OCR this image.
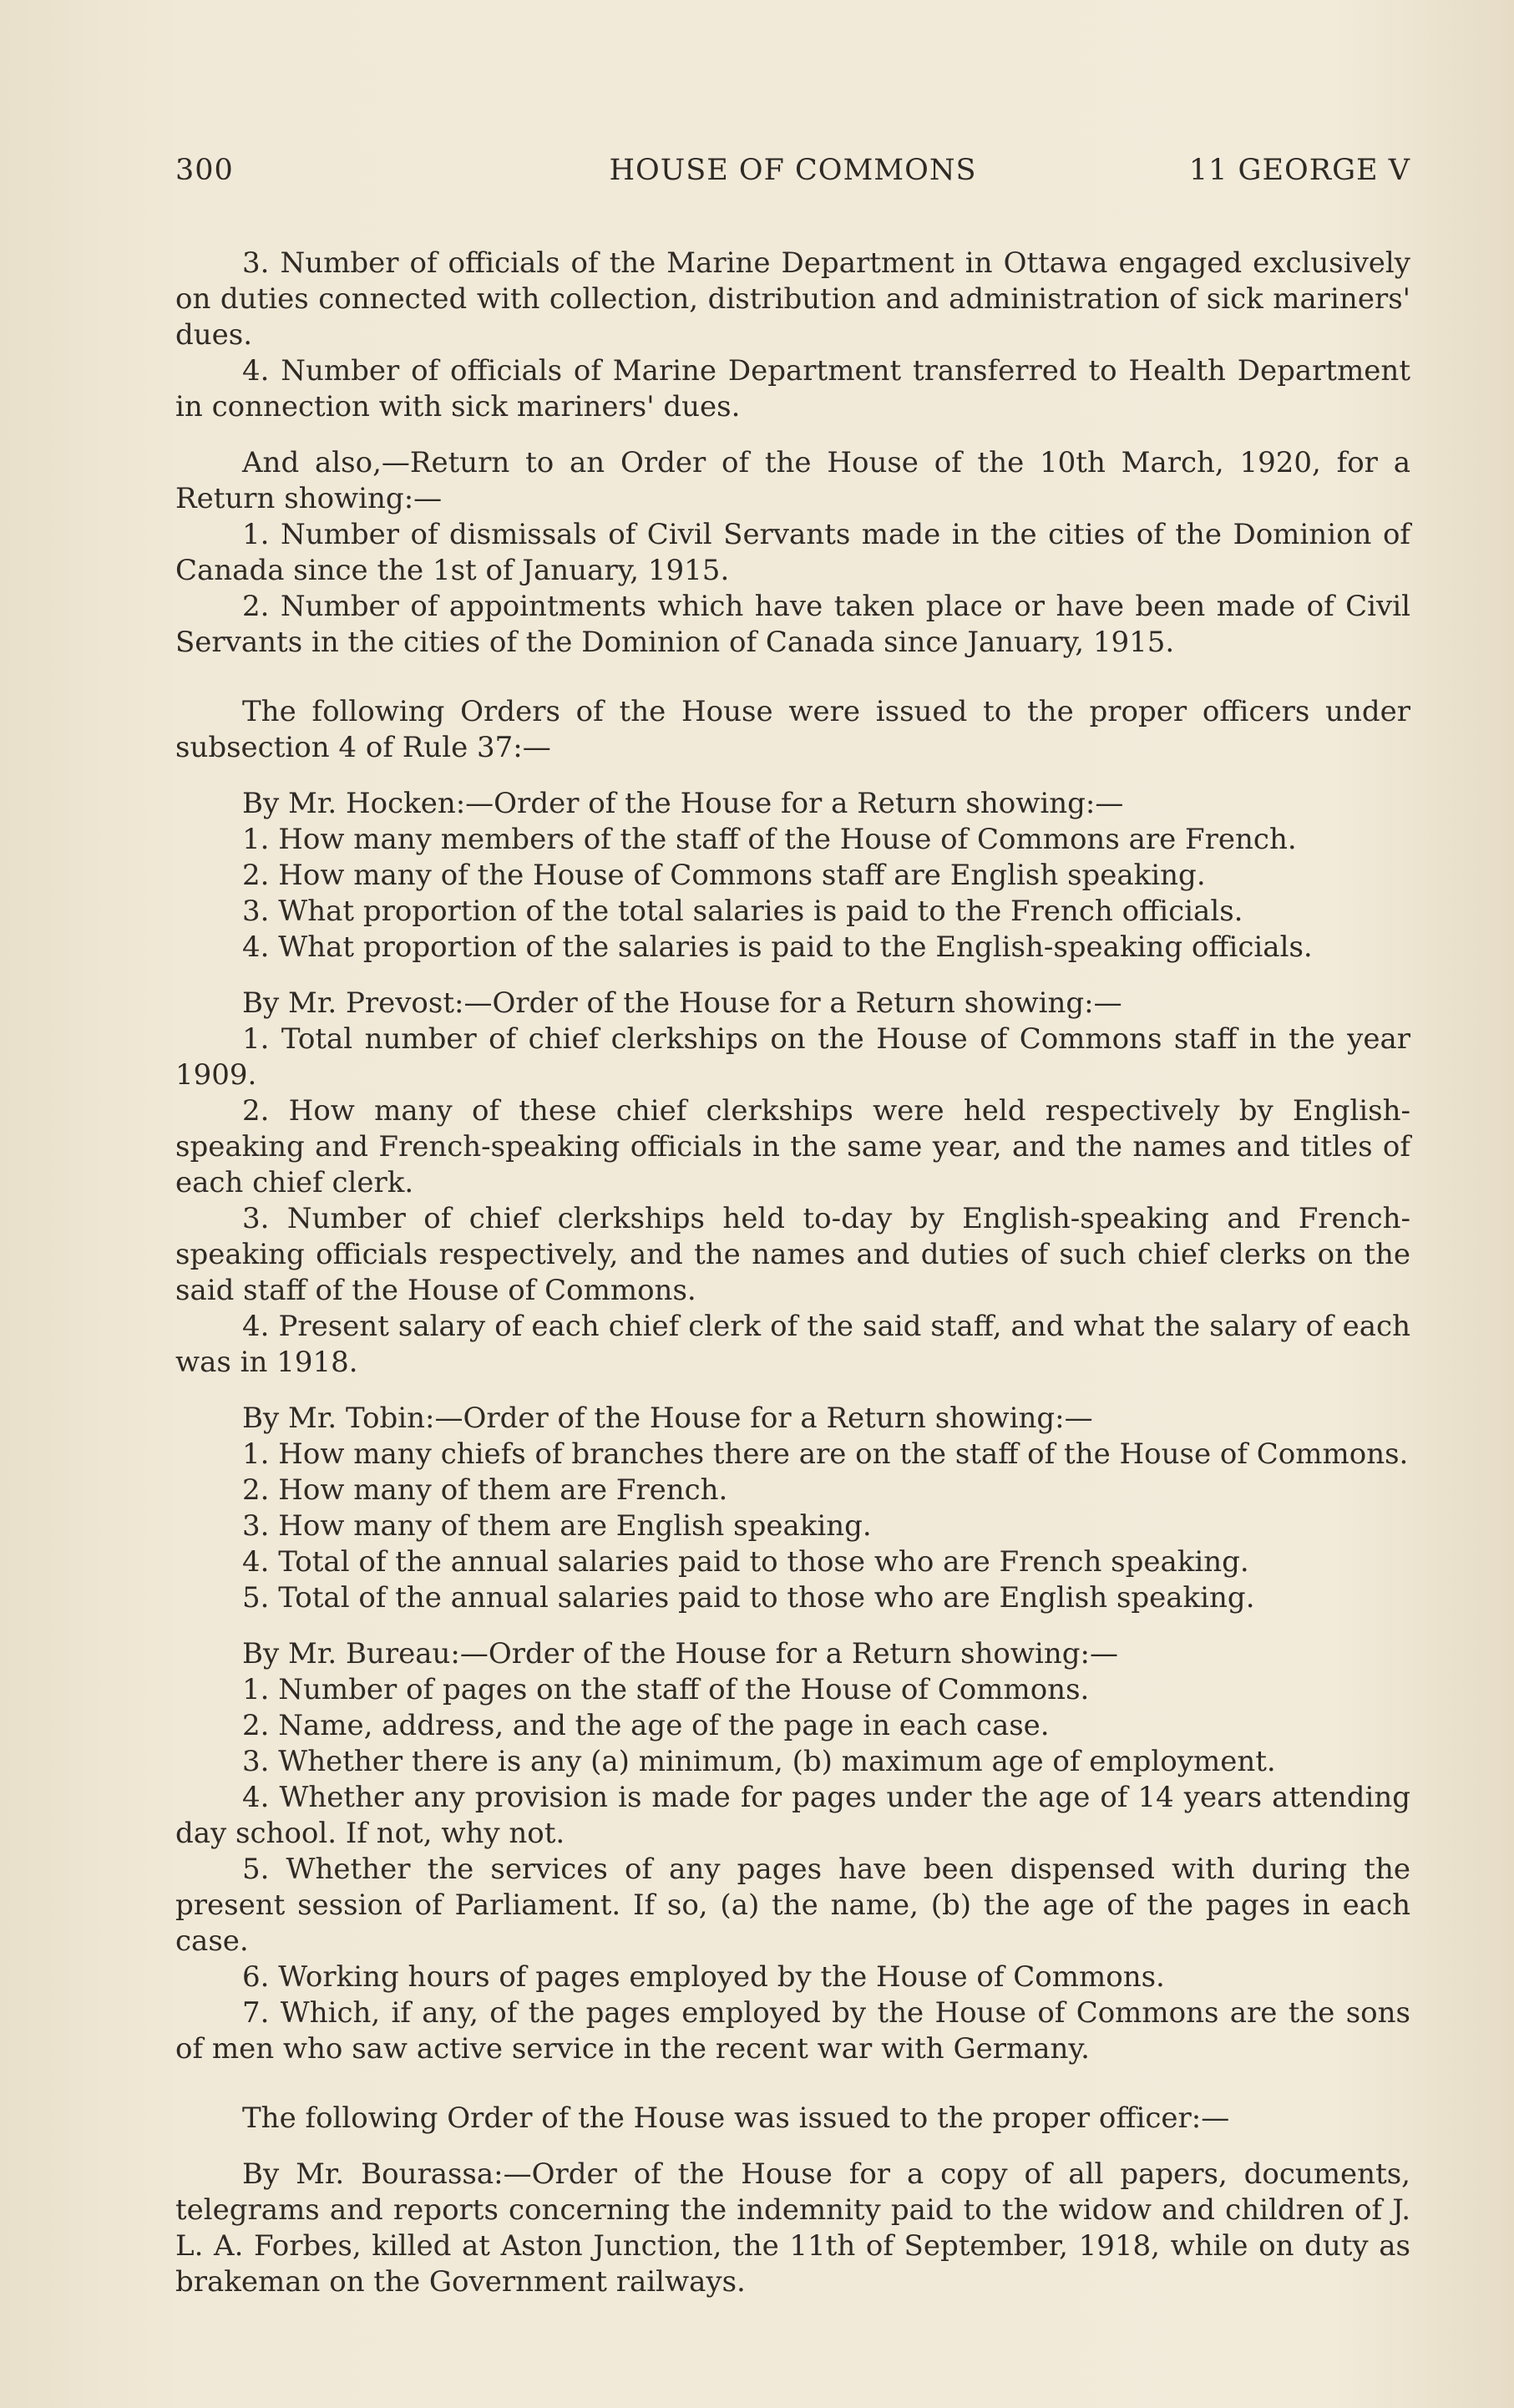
300	HOUSE OF COMMONS	11 GEORGE V

3. Number of officials of the Marine Department in Ottawa engaged exclusively on duties connected with collection, distribution and administration of sick mariners' dues.

4. Number of officials of Marine Department transferred to Health Department in connection with sick mariners' dues.

And also,—Return to an Order of the House of the 10th March, 1920, for a Return showing:—

1. Number of dismissals of Civil Servants made in the cities of the Dominion of Canada since the 1st of January, 1915.

2. Number of appointments which have taken place or have been made of Civil Servants in the cities of the Dominion of Canada since January, 1915.

The following Orders of the House were issued to the proper officers under subsection 4 of Rule 37:—

By Mr. Hocken:—Order of the House for a Return showing:—

1. How many members of the staff of the House of Commons are French.

2. How many of the House of Commons staff are English speaking.

3. What proportion of the total salaries is paid to the French officials.

4. What proportion of the salaries is paid to the English-speaking officials.

By Mr. Prevost:—Order of the House for a Return showing:—

1. Total number of chief clerkships on the House of Commons staff in the year 1909.

2. How many of these chief clerkships were held respectively by English-speaking and French-speaking officials in the same year, and the names and titles of each chief clerk.

3. Number of chief clerkships held to-day by English-speaking and French-speaking officials respectively, and the names and duties of such chief clerks on the said staff of the House of Commons.

4. Present salary of each chief clerk of the said staff, and what the salary of each was in 1918.

By Mr. Tobin:—Order of the House for a Return showing:—

1. How many chiefs of branches there are on the staff of the House of Commons.

2. How many of them are French.

3. How many of them are English speaking.

4. Total of the annual salaries paid to those who are French speaking.

5. Total of the annual salaries paid to those who are English speaking.

By Mr. Bureau:—Order of the House for a Return showing:—

1. Number of pages on the staff of the House of Commons.

2. Name, address, and the age of the page in each case.

3. Whether there is any (a) minimum, (b) maximum age of employment.

4. Whether any provision is made for pages under the age of 14 years attending day school. If not, why not.

5. Whether the services of any pages have been dispensed with during the present session of Parliament. If so, (a) the name, (b) the age of the pages in each case.

6. Working hours of pages employed by the House of Commons.

7. Which, if any, of the pages employed by the House of Commons are the sons of men who saw active service in the recent war with Germany.

The following Order of the House was issued to the proper officer:—

By Mr. Bourassa:—Order of the House for a copy of all papers, documents, telegrams and reports concerning the indemnity paid to the widow and children of J. L. A. Forbes, killed at Aston Junction, the 11th of September, 1918, while on duty as brakeman on the Government railways.
